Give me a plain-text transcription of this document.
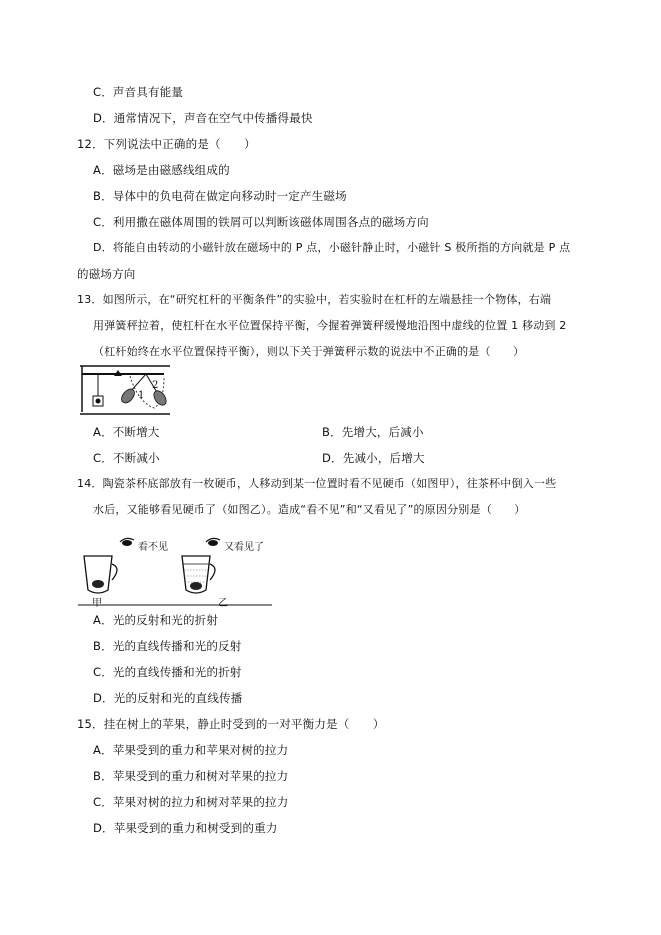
C．声音具有能量
D．通常情况下，声音在空气中传播得最快
12．下列说法中正确的是（　　）
A．磁场是由磁感线组成的
B．导体中的负电荷在做定向移动时一定产生磁场
C．利用撒在磁体周围的铁屑可以判断该磁体周围各点的磁场方向
D．将能自由转动的小磁针放在磁场中的 P 点，小磁针静止时，小磁针 S 极所指的方向就是 P 点
的磁场方向
13．如图所示，在“研究杠杆的平衡条件”的实验中，若实验时在杠杆的左端悬挂一个物体，右端
用弹簧秤拉着，使杠杆在水平位置保持平衡，今握着弹簧秤缓慢地沿图中虚线的位置 1 移动到 2
（杠杆始终在水平位置保持平衡），则以下关于弹簧秤示数的说法中不正确的是（　　）
1
2
A．不断增大	B．先增大，后减小
C．不断减小	D．先减小，后增大
14．陶瓷茶杯底部放有一枚硬币，人移动到某一位置时看不见硬币（如图甲），往茶杯中倒入一些
水后，又能够看见硬币了（如图乙）。造成“看不见”和“又看见了”的原因分别是（　　）
看不见
甲
又看见了
乙
A．光的反射和光的折射
B．光的直线传播和光的反射
C．光的直线传播和光的折射
D．光的反射和光的直线传播
15．挂在树上的苹果，静止时受到的一对平衡力是（　　）
A．苹果受到的重力和苹果对树的拉力
B．苹果受到的重力和树对苹果的拉力
C．苹果对树的拉力和树对苹果的拉力
D．苹果受到的重力和树受到的重力
